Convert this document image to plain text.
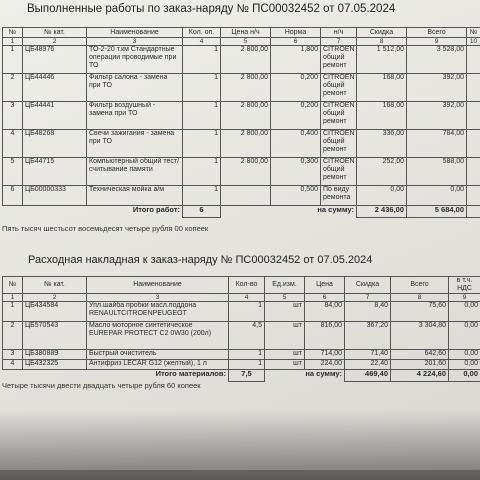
Выполненные работы по заказ-наряду № ПС00032452 от 07.05.2024
№	№ кат.	Наименование	Кол. оп.	Цена н/ч	Норма	н/ч	Скидка	Всего	№
1	2	3	4	5	6	7	8	9	10
1	ЦБ48976	ТО-2-20 т.км Стандартные операции проводимые при ТО	1	2 800,00	1,800	CITROEN общий ремонт	1 512,00	3 528,00	
2	ЦБ44446	Фильтр салона - замена при ТО	1	2 800,00	0,200	CITROEN общий ремонт	168,00	392,00	
3	ЦБ44441	Фильтр воздушный - замена при ТО	1	2 800,00	0,200	CITROEN общий ремонт	168,00	392,00	
4	ЦБ48268	Свечи зажигания - замена при ТО	1	2 800,00	0,400	CITROEN общий ремонт	336,00	784,00	
5	ЦБ44715	Компьютерный общий тест/считывание памяти	1	2 800,00	0,300	CITROEN общий ремонт	252,00	588,00	
6	ЦБ00000333	Техническая мойка а/м	1		0,500	По виду ремонта	0,00	0,00	
Итого работ:			6	на сумму:			2 436,00	5 684,00	
Пять тысяч шестьсот восемьдесят четыре рубля 00 копеек
Расходная накладная к заказ-наряду № ПС00032452 от 07.05.2024
№	№ кат.	Наименование	Кол-во	Ед.изм.	Цена	Скидка	Всего	в т.ч. НДС
1	2	3	4	5	6	7	8	9
1	ЦБ434584	Упл.шайба пробки масл.поддона RENAULTCITROENPEUGEOT	1	шт	84,00	8,40	75,60	0,00
2	ЦБ570543	Масло моторное синтетическое EUREPAR PROTECT C2 0W30 (200л)	4,5	шт	816,00	367,20	3 304,80	0,00
3	ЦБ380889	Быстрый очиститель	1	шт	714,00	71,40	642,60	0,00
4	ЦБ432325	Антифриз LECAR G12 (желтый), 1 л	1	шт	224,00	22,40	201,60	0,00
Итого материалов:			7,5	на сумму:		469,40	4 224,60	0,00
Четыре тысячи двести двадцать четыре рубля 60 копеек
